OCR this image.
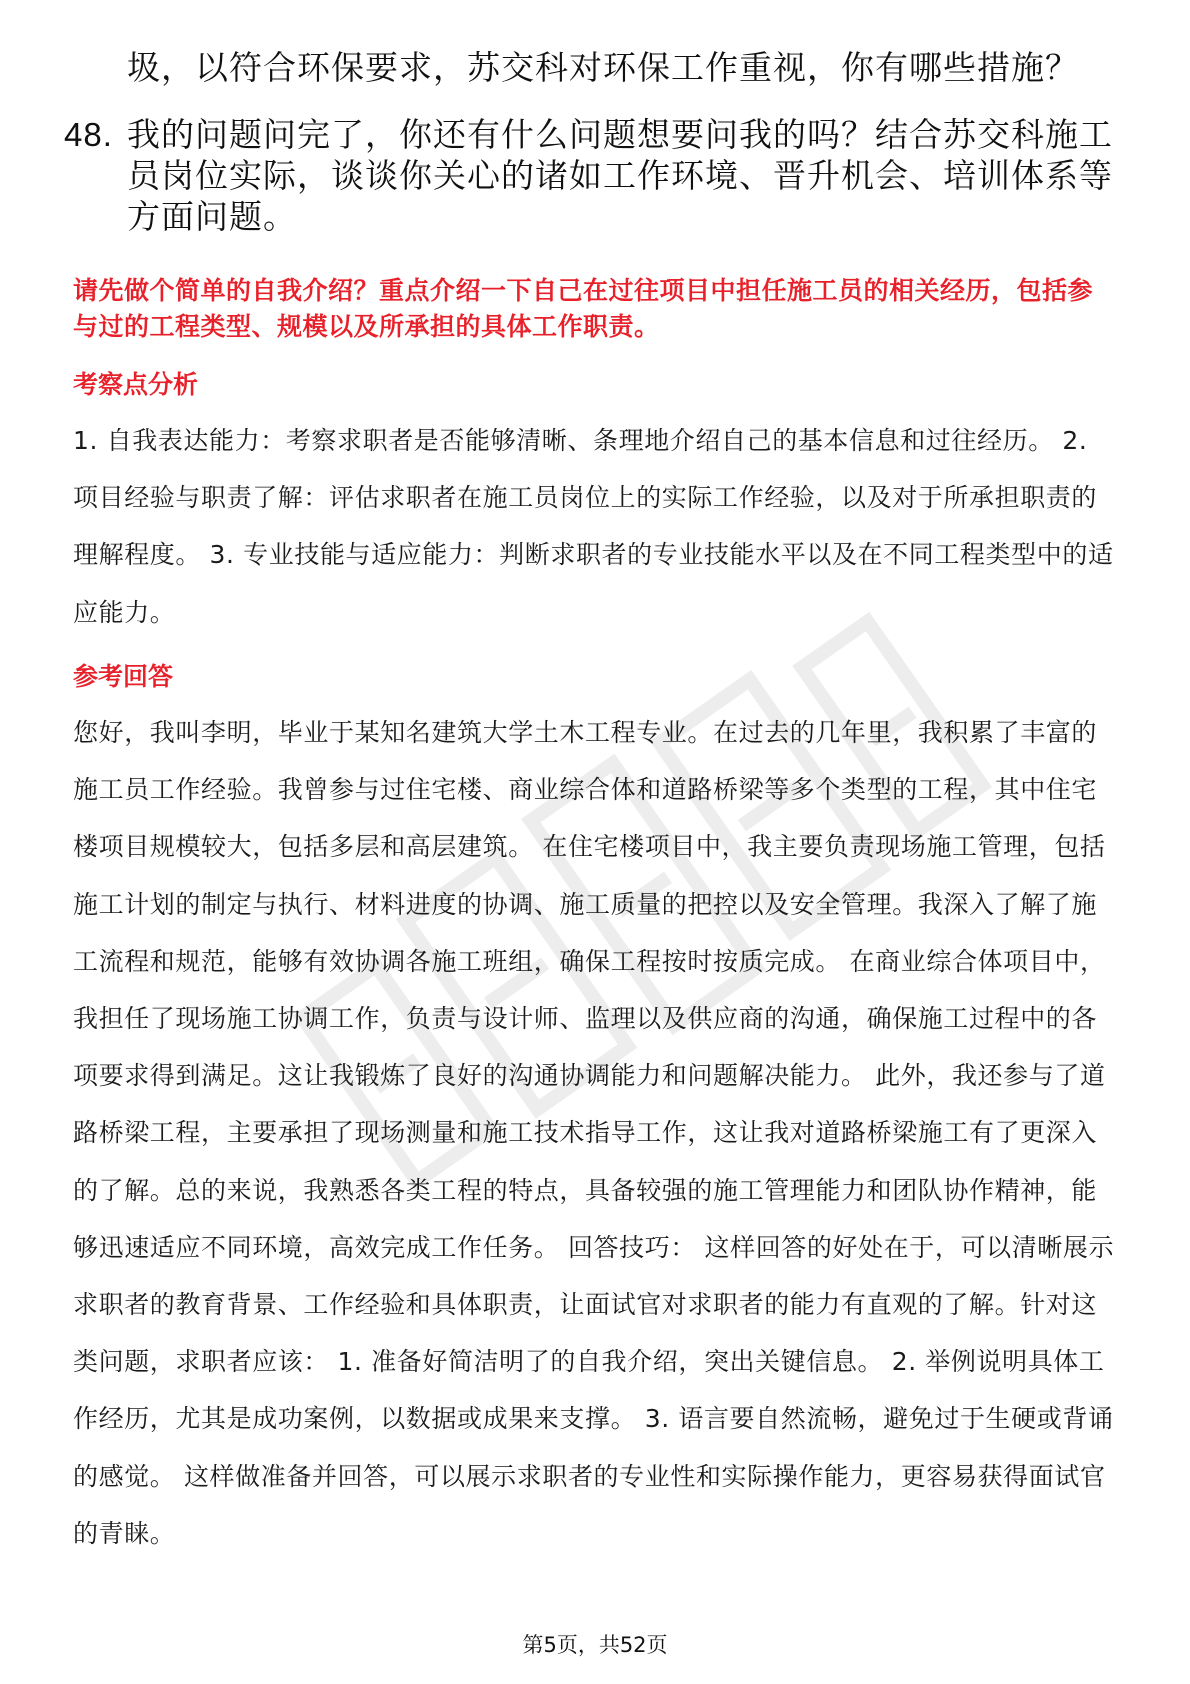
圾，以符合环保要求，苏交科对环保工作重视，你有哪些措施？

48. 我的问题问完了，你还有什么问题想要问我的吗？结合苏交科施工员岗位实际，谈谈你关心的诸如工作环境、晋升机会、培训体系等方面问题。

请先做个简单的自我介绍？重点介绍一下自己在过往项目中担任施工员的相关经历，包括参与过的工程类型、规模以及所承担的具体工作职责。

考察点分析

1. 自我表达能力：考察求职者是否能够清晰、条理地介绍自己的基本信息和过往经历。 2. 项目经验与职责了解：评估求职者在施工员岗位上的实际工作经验，以及对于所承担职责的理解程度。 3. 专业技能与适应能力：判断求职者的专业技能水平以及在不同工程类型中的适应能力。

参考回答

您好，我叫李明，毕业于某知名建筑大学土木工程专业。在过去的几年里，我积累了丰富的施工员工作经验。我曾参与过住宅楼、商业综合体和道路桥梁等多个类型的工程，其中住宅楼项目规模较大，包括多层和高层建筑。 在住宅楼项目中，我主要负责现场施工管理，包括施工计划的制定与执行、材料进度的协调、施工质量的把控以及安全管理。我深入了解了施工流程和规范，能够有效协调各施工班组，确保工程按时按质完成。 在商业综合体项目中，我担任了现场施工协调工作，负责与设计师、监理以及供应商的沟通，确保施工过程中的各项要求得到满足。这让我锻炼了良好的沟通协调能力和问题解决能力。 此外，我还参与了道路桥梁工程，主要承担了现场测量和施工技术指导工作，这让我对道路桥梁施工有了更深入的了解。总的来说，我熟悉各类工程的特点，具备较强的施工管理能力和团队协作精神，能够迅速适应不同环境，高效完成工作任务。 回答技巧： 这样回答的好处在于，可以清晰展示求职者的教育背景、工作经验和具体职责，让面试官对求职者的能力有直观的了解。针对这类问题，求职者应该： 1. 准备好简洁明了的自我介绍，突出关键信息。 2. 举例说明具体工作经历，尤其是成功案例，以数据或成果来支撑。 3. 语言要自然流畅，避免过于生硬或背诵的感觉。 这样做准备并回答，可以展示求职者的专业性和实际操作能力，更容易获得面试官的青睐。

第5页，共52页
